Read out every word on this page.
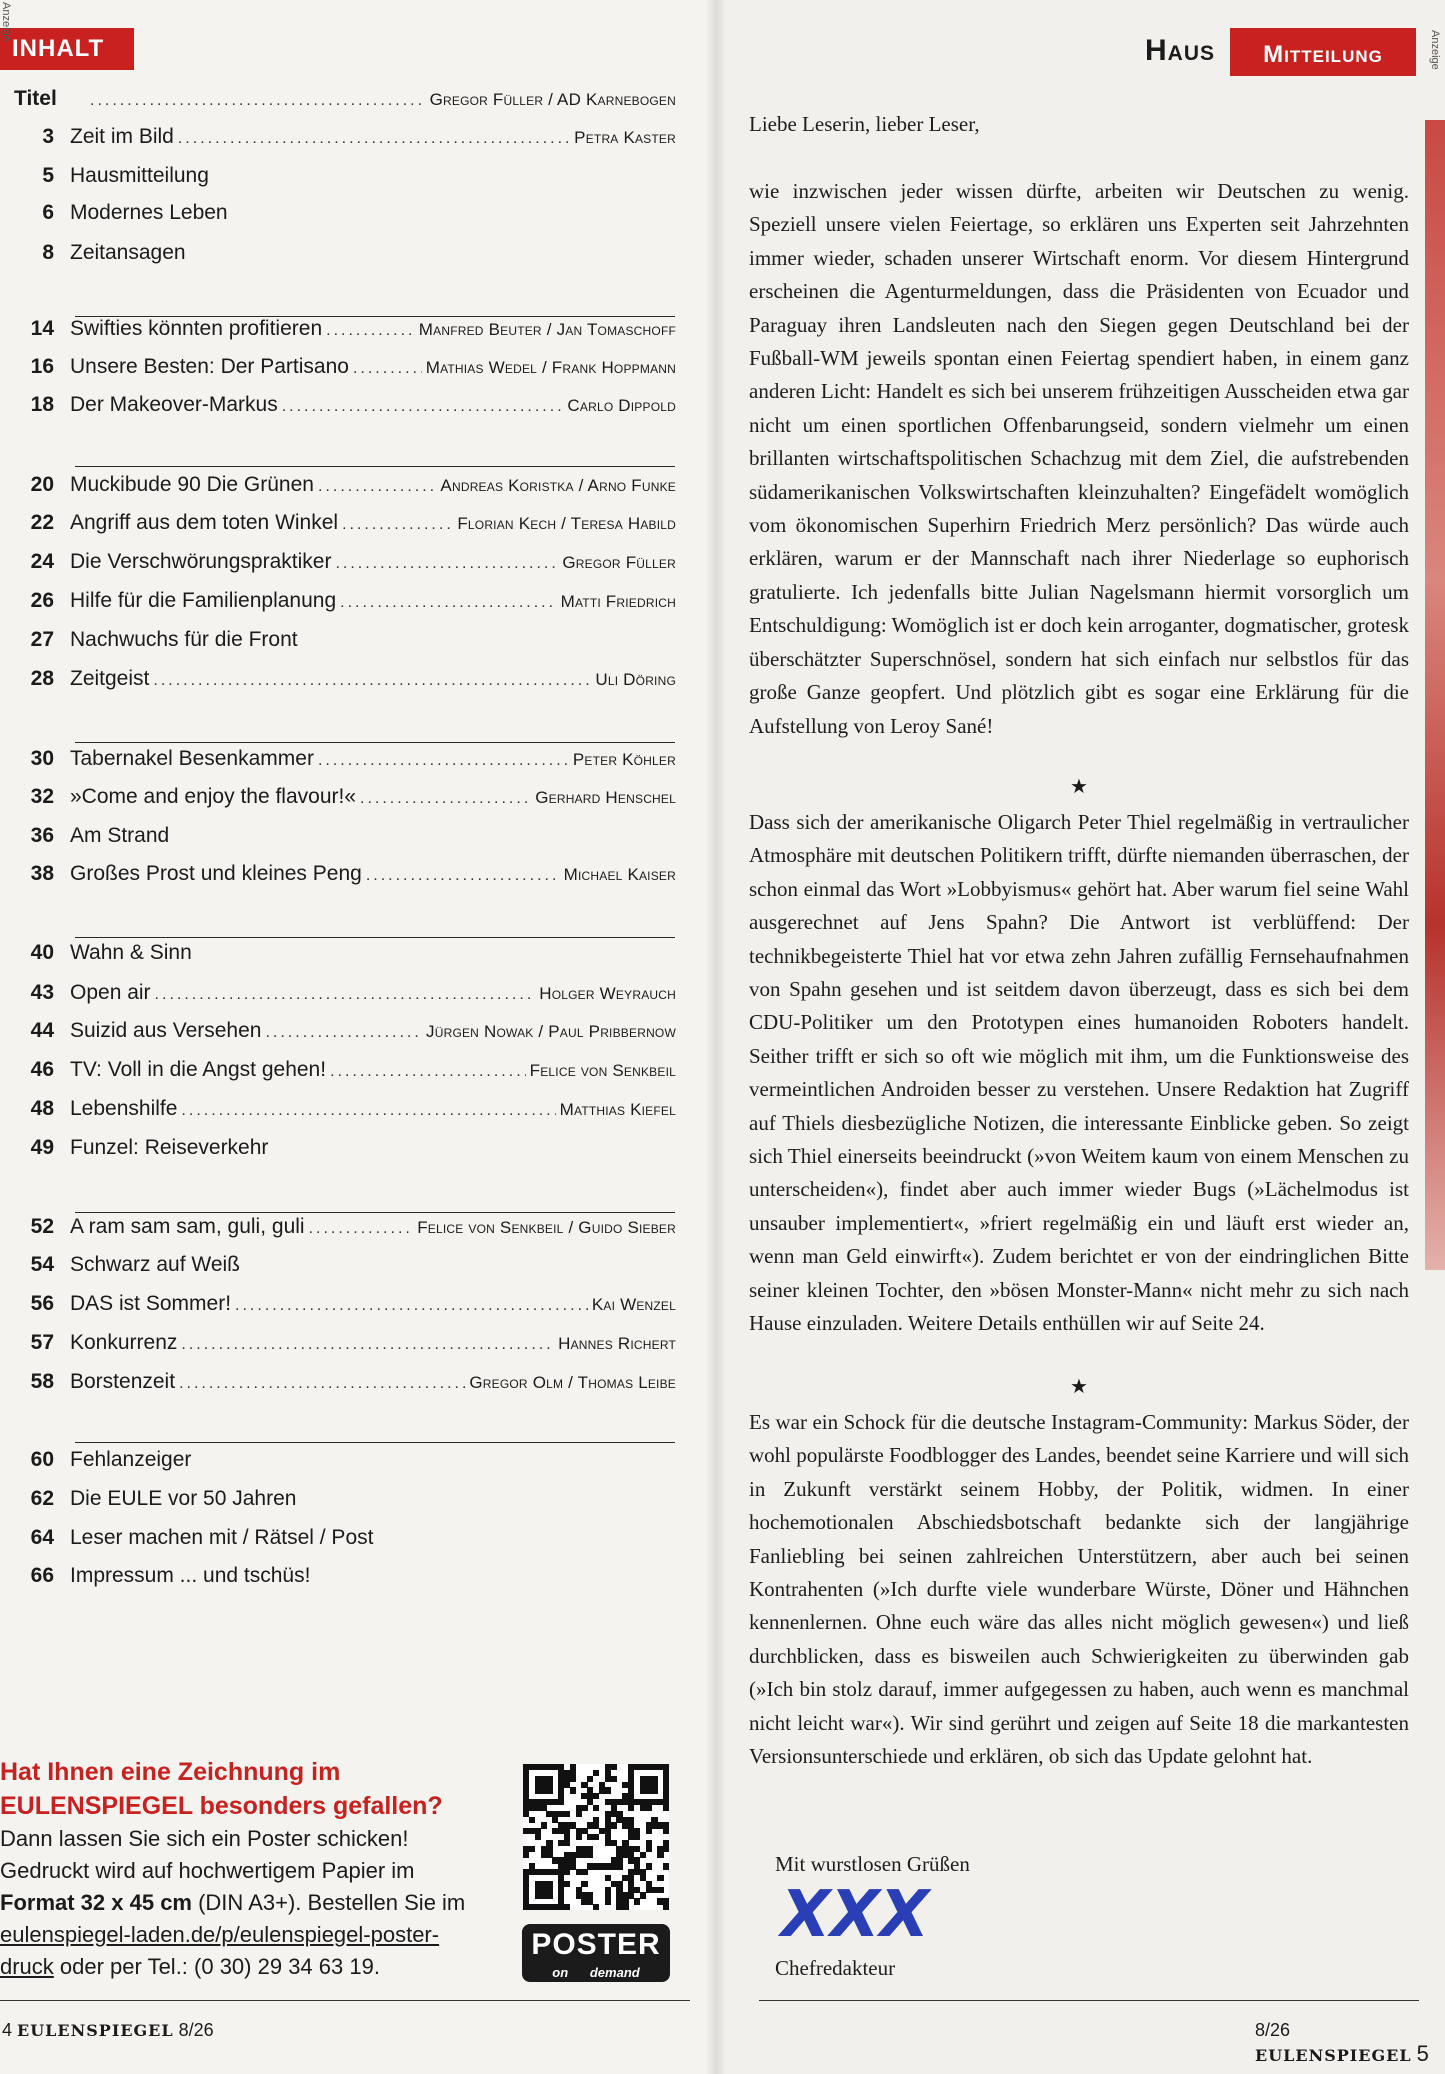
INHALT
Anzeige
Titel .....	Gregor Füller / AD Karnebogen
3 Zeit im Bild .....	Petra Kaster
5 Hausmitteilung
6 Modernes Leben
8 Zeitansagen
14 Swifties könnten profitieren .....	Manfred Beuter / Jan Tomaschoff
16 Unsere Besten: Der Partisano .....	Mathias Wedel / Frank Hoppmann
18 Der Makeover-Markus .....	Carlo Dippold
20 Muckibude 90 Die Grünen .....	Andreas Koristka / Arno Funke
22 Angriff aus dem toten Winkel .....	Florian Kech / Teresa Habild
24 Die Verschwörungspraktiker .....	Gregor Füller
26 Hilfe für die Familienplanung .....	Matti Friedrich
27 Nachwuchs für die Front
28 Zeitgeist .....	Uli Döring
30 Tabernakel Besenkammer .....	Peter Köhler
32 »Come and enjoy the flavour!« .....	Gerhard Henschel
36 Am Strand
38 Großes Prost und kleines Peng .....	Michael Kaiser
40 Wahn & Sinn
43 Open air .....	Holger Weyrauch
44 Suizid aus Versehen .....	Jürgen Nowak / Paul Pribbernow
46 TV: Voll in die Angst gehen! .....	Felice von Senkbeil
48 Lebenshilfe .....	Matthias Kiefel
49 Funzel: Reiseverkehr
52 A ram sam sam, guli, guli .....	Felice von Senkbeil / Guido Sieber
54 Schwarz auf Weiß
56 DAS ist Sommer! .....	Kai Wenzel
57 Konkurrenz .....	Hannes Richert
58 Borstenzeit .....	Gregor Olm / Thomas Leibe
60 Fehlanzeiger
62 Die EULE vor 50 Jahren
64 Leser machen mit / Rätsel / Post
66 Impressum ... und tschüs!
Hat Ihnen eine Zeichnung im
EULENSPIEGEL besonders gefallen?
Dann lassen Sie sich ein Poster schicken!
Gedruckt wird auf hochwertigem Papier im
Format 32 x 45 cm (DIN A3+). Bestellen Sie im
eulenspiegel-laden.de/p/eulenspiegel-poster-
druck oder per Tel.: (0 30) 29 34 63 19.
POSTER
on demand
4 EULENSPIEGEL 8/26
Haus	Mitteilung	Anzeige
Liebe Leserin, lieber Leser,

wie inzwischen jeder wissen dürfte, arbeiten wir Deutschen zu wenig. Speziell unsere vielen Feiertage, so erklären uns Experten seit Jahrzehnten immer wieder, schaden unserer Wirtschaft enorm. Vor diesem Hintergrund erscheinen die Agenturmeldungen, dass die Präsidenten von Ecuador und Paraguay ihren Landsleuten nach den Siegen gegen Deutschland bei der Fußball-WM jeweils spontan einen Feiertag spendiert haben, in einem ganz anderen Licht: Handelt es sich bei unserem frühzeitigen Ausscheiden etwa gar nicht um einen sportlichen Offenbarungseid, sondern vielmehr um einen brillanten wirtschaftspolitischen Schachzug mit dem Ziel, die aufstrebenden südamerikanischen Volkswirtschaften kleinzuhalten? Eingefädelt womöglich vom ökonomischen Superhirn Friedrich Merz persönlich? Das würde auch erklären, warum er der Mannschaft nach ihrer Niederlage so euphorisch gratulierte. Ich jedenfalls bitte Julian Nagelsmann hiermit vorsorglich um Entschuldigung: Womöglich ist er doch kein arroganter, dogmatischer, grotesk überschätzter Superschnösel, sondern hat sich einfach nur selbstlos für das große Ganze geopfert. Und plötzlich gibt es sogar eine Erklärung für die Aufstellung von Leroy Sané!

★

Dass sich der amerikanische Oligarch Peter Thiel regelmäßig in vertraulicher Atmosphäre mit deutschen Politikern trifft, dürfte niemanden überraschen, der schon einmal das Wort »Lobbyismus« gehört hat. Aber warum fiel seine Wahl ausgerechnet auf Jens Spahn? Die Antwort ist verblüffend: Der technikbegeisterte Thiel hat vor etwa zehn Jahren zufällig Fernsehaufnahmen von Spahn gesehen und ist seitdem davon überzeugt, dass es sich bei dem CDU-Politiker um den Prototypen eines humanoiden Roboters handelt. Seither trifft er sich so oft wie möglich mit ihm, um die Funktionsweise des vermeintlichen Androiden besser zu verstehen. Unsere Redaktion hat Zugriff auf Thiels diesbezügliche Notizen, die interessante Einblicke geben. So zeigt sich Thiel einerseits beeindruckt (»von Weitem kaum von einem Menschen zu unterscheiden«), findet aber auch immer wieder Bugs (»Lächelmodus ist unsauber implementiert«, »friert regelmäßig ein und läuft erst wieder an, wenn man Geld einwirft«). Zudem berichtet er von der eindringlichen Bitte seiner kleinen Tochter, den »bösen Monster-Mann« nicht mehr zu sich nach Hause einzuladen. Weitere Details enthüllen wir auf Seite 24.

★

Es war ein Schock für die deutsche Instagram-Community: Markus Söder, der wohl populärste Foodblogger des Landes, beendet seine Karriere und will sich in Zukunft verstärkt seinem Hobby, der Politik, widmen. In einer hochemotionalen Abschiedsbotschaft bedankte sich der langjährige Fanliebling bei seinen zahlreichen Unterstützern, aber auch bei seinen Kontrahenten (»Ich durfte viele wunderbare Würste, Döner und Hähnchen kennenlernen. Ohne euch wäre das alles nicht möglich gewesen«) und ließ durchblicken, dass es bisweilen auch Schwierigkeiten zu überwinden gab (»Ich bin stolz darauf, immer aufgegessen zu haben, auch wenn es manchmal nicht leicht war«). Wir sind gerührt und zeigen auf Seite 18 die markantesten Versionsunterschiede und erklären, ob sich das Update gelohnt hat.

Mit wurstlosen Grüßen
XXX
Chefredakteur
8/26 EULENSPIEGEL 5
